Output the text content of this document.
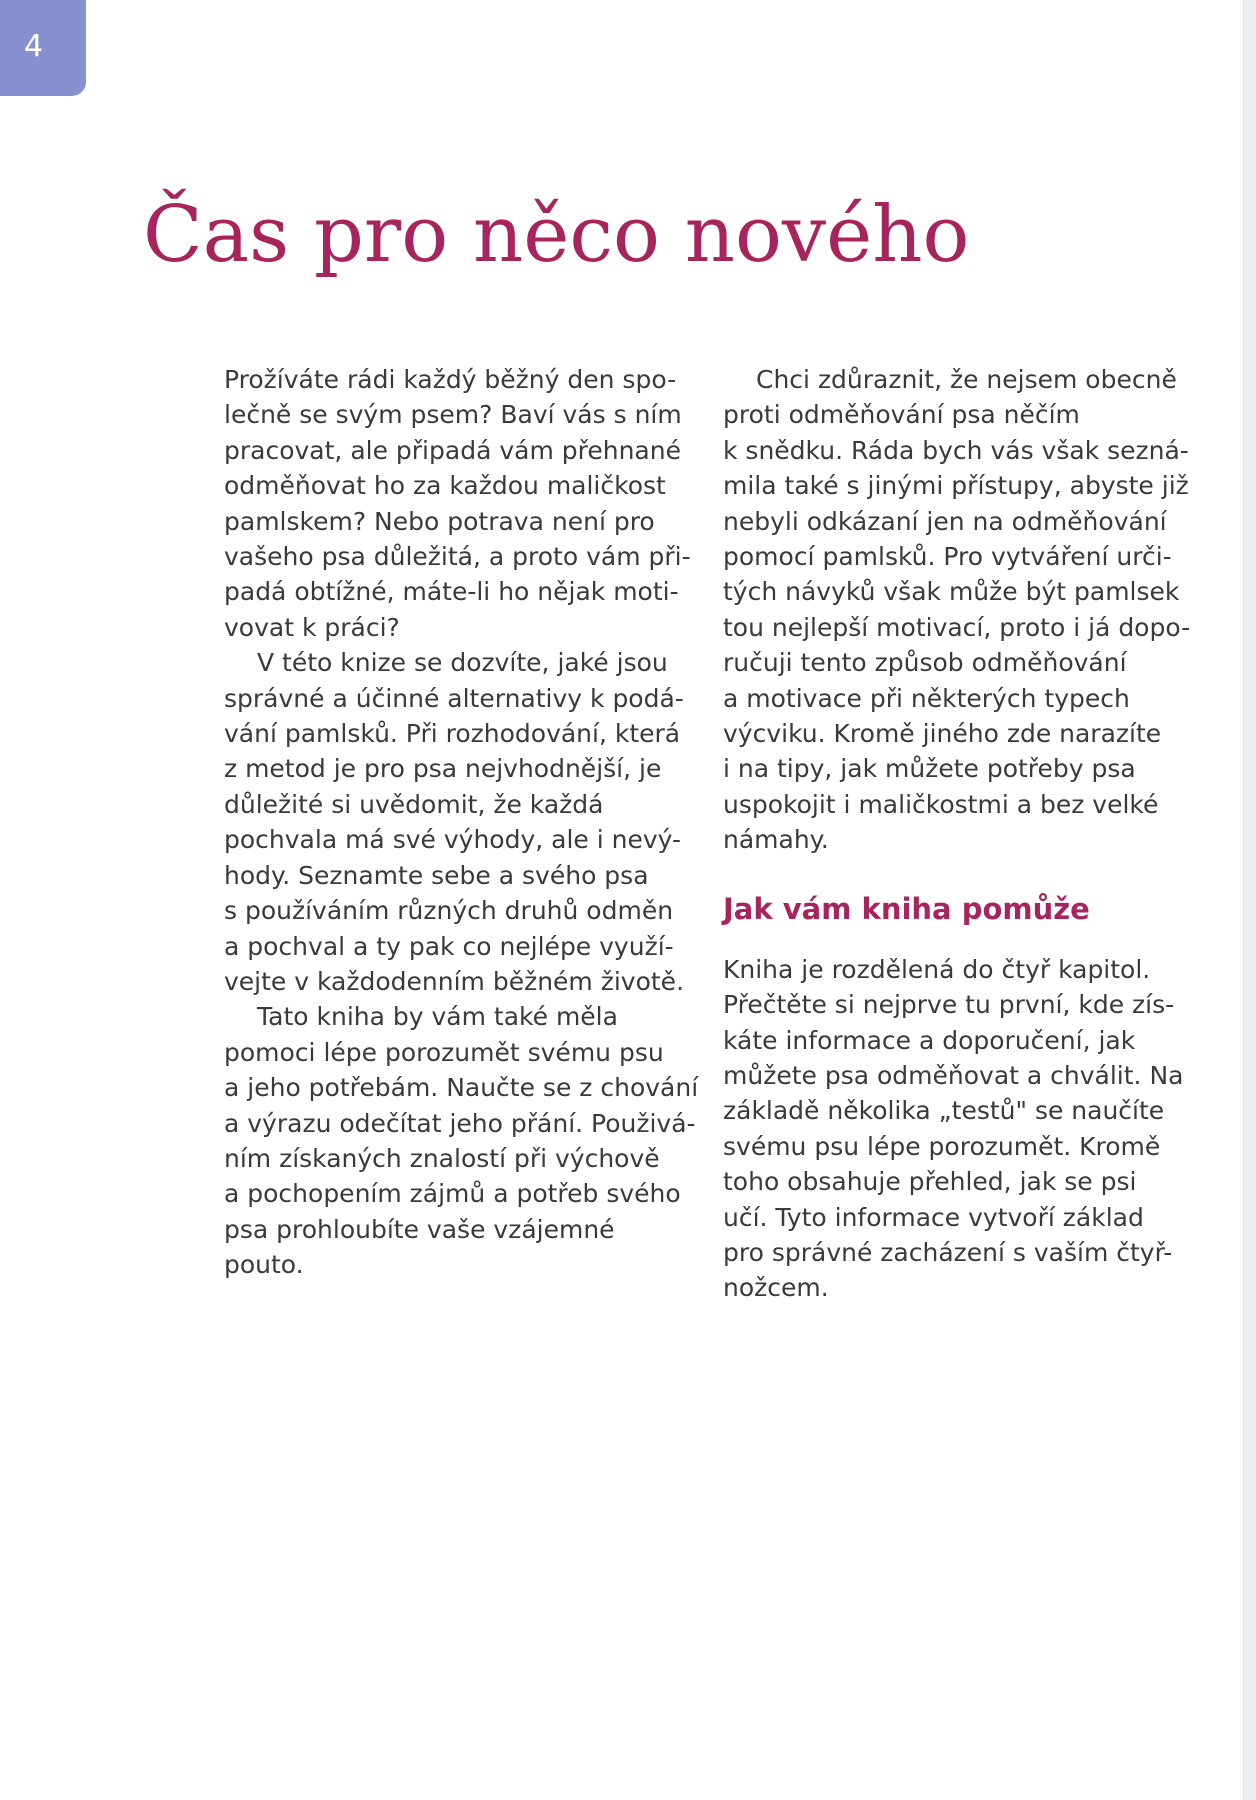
4
Čas pro něco nového
Prožíváte rádi každý běžný den spo-
lečně se svým psem? Baví vás s ním
pracovat, ale připadá vám přehnané
odměňovat ho za každou maličkost
pamlskem? Nebo potrava není pro
vašeho psa důležitá, a proto vám při-
padá obtížné, máte-li ho nějak moti-
vovat k práci?
V této knize se dozvíte, jaké jsou
správné a účinné alternativy k podá-
vání pamlsků. Při rozhodování, která
z metod je pro psa nejvhodnější, je
důležité si uvědomit, že každá
pochvala má své výhody, ale i nevý-
hody. Seznamte sebe a svého psa
s používáním různých druhů odměn
a pochval a ty pak co nejlépe využí-
vejte v každodenním běžném životě.
Tato kniha by vám také měla
pomoci lépe porozumět svému psu
a jeho potřebám. Naučte se z chování
a výrazu odečítat jeho přání. Použivá-
ním získaných znalostí při výchově
a pochopením zájmů a potřeb svého
psa prohloubíte vaše vzájemné
pouto.
Chci zdůraznit, že nejsem obecně
proti odměňování psa něčím
k snědku. Ráda bych vás však sezná-
mila také s jinými přístupy, abyste již
nebyli odkázaní jen na odměňování
pomocí pamlsků. Pro vytváření urči-
tých návyků však může být pamlsek
tou nejlepší motivací, proto i já dopo-
ručuji tento způsob odměňování
a motivace při některých typech
výcviku. Kromě jiného zde narazíte
i na tipy, jak můžete potřeby psa
uspokojit i maličkostmi a bez velké
námahy.
Jak vám kniha pomůže
Kniha je rozdělená do čtyř kapitol.
Přečtěte si nejprve tu první, kde zís-
káte informace a doporučení, jak
můžete psa odměňovat a chválit. Na
základě několika „testů" se naučíte
svému psu lépe porozumět. Kromě
toho obsahuje přehled, jak se psi
učí. Tyto informace vytvoří základ
pro správné zacházení s vaším čtyř-
nožcem.
